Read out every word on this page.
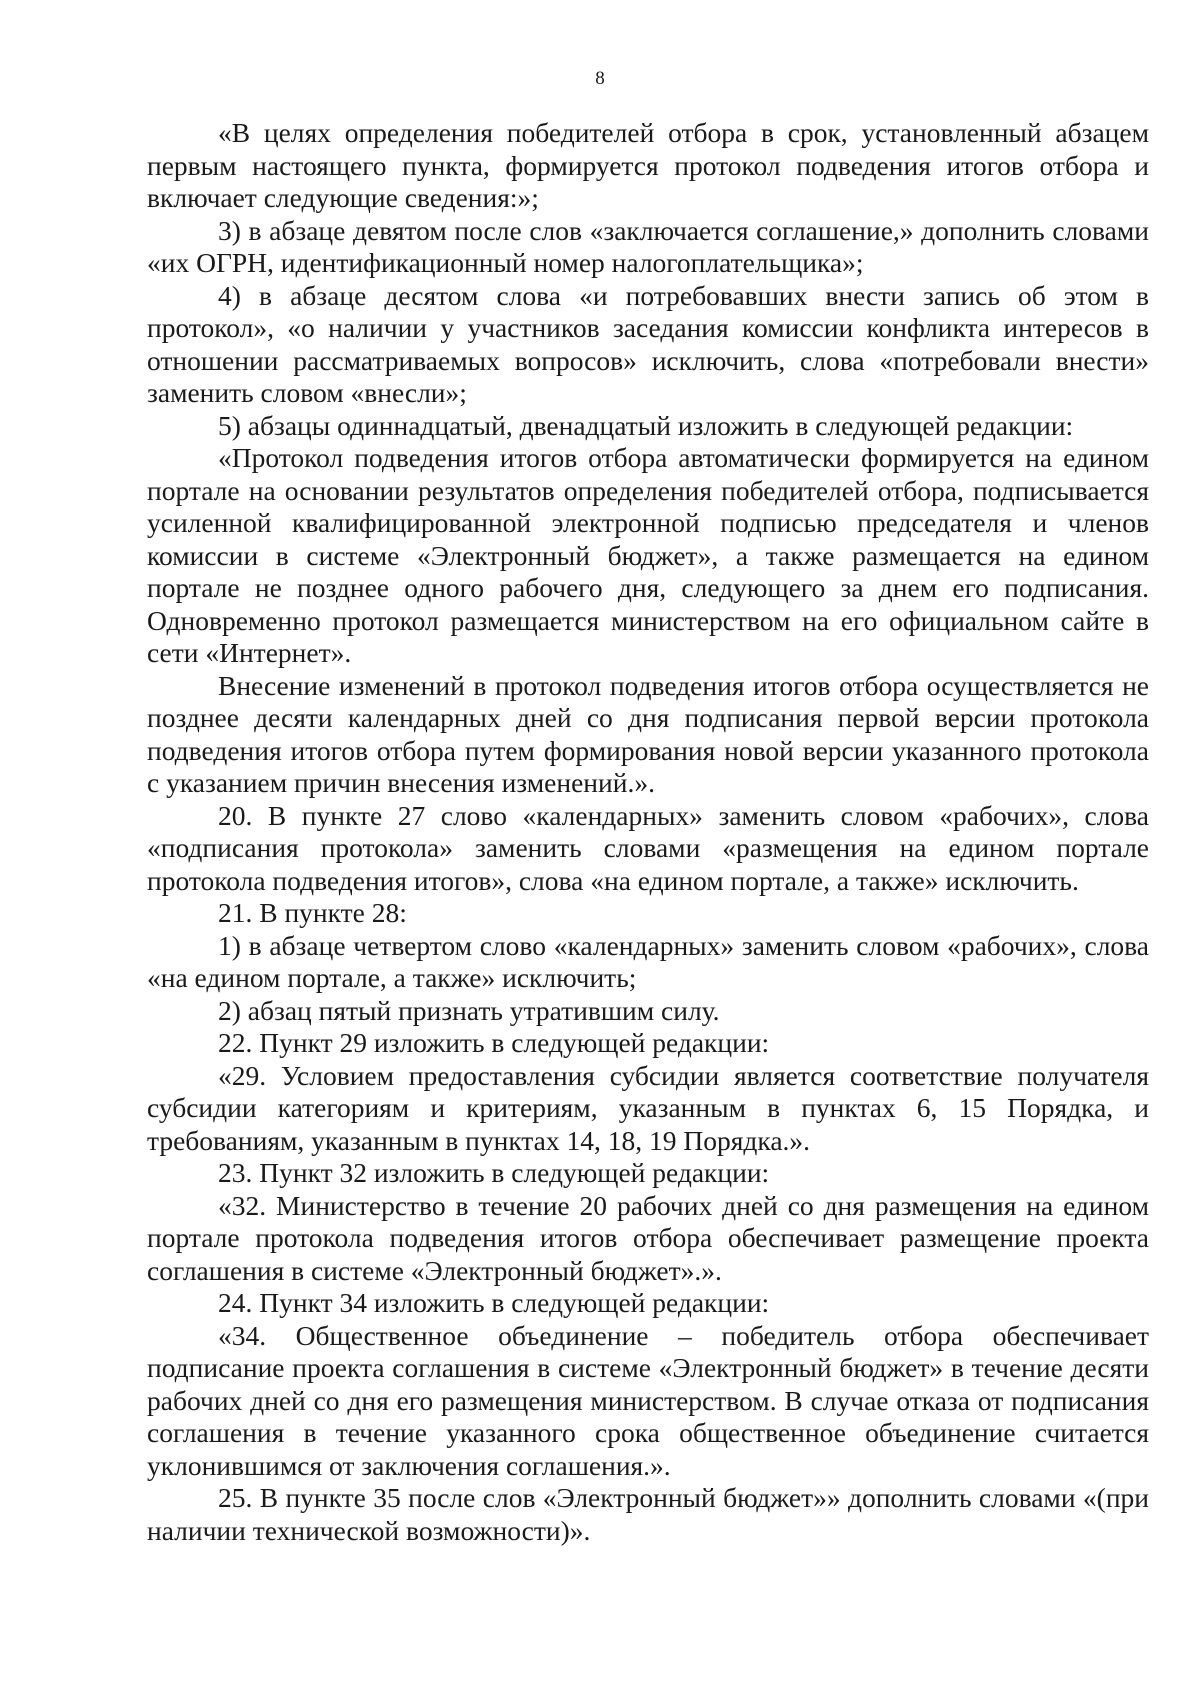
8

«В целях определения победителей отбора в срок, установленный абзацем первым настоящего пункта, формируется протокол подведения итогов отбора и включает следующие сведения:»;

3) в абзаце девятом после слов «заключается соглашение,» дополнить словами «их ОГРН, идентификационный номер налогоплательщика»;

4) в абзаце десятом слова «и потребовавших внести запись об этом в протокол», «о наличии у участников заседания комиссии конфликта интересов в отношении рассматриваемых вопросов» исключить, слова «потребовали внести» заменить словом «внесли»;

5) абзацы одиннадцатый, двенадцатый изложить в следующей редакции:

«Протокол подведения итогов отбора автоматически формируется на едином портале на основании результатов определения победителей отбора, подписывается усиленной квалифицированной электронной подписью председателя и членов комиссии в системе «Электронный бюджет», а также размещается на едином портале не позднее одного рабочего дня, следующего за днем его подписания. Одновременно протокол размещается министерством на его официальном сайте в сети «Интернет».

Внесение изменений в протокол подведения итогов отбора осуществляется не позднее десяти календарных дней со дня подписания первой версии протокола подведения итогов отбора путем формирования новой версии указанного протокола с указанием причин внесения изменений.».

20. В пункте 27 слово «календарных» заменить словом «рабочих», слова «подписания протокола» заменить словами «размещения на едином портале протокола подведения итогов», слова «на едином портале, а также» исключить.

21. В пункте 28:

1) в абзаце четвертом слово «календарных» заменить словом «рабочих», слова «на едином портале, а также» исключить;

2) абзац пятый признать утратившим силу.

22. Пункт 29 изложить в следующей редакции:

«29. Условием предоставления субсидии является соответствие получателя субсидии категориям и критериям, указанным в пунктах 6, 15 Порядка, и требованиям, указанным в пунктах 14, 18, 19 Порядка.».

23. Пункт 32 изложить в следующей редакции:

«32. Министерство в течение 20 рабочих дней со дня размещения на едином портале протокола подведения итогов отбора обеспечивает размещение проекта соглашения в системе «Электронный бюджет».».

24. Пункт 34 изложить в следующей редакции:

«34. Общественное объединение – победитель отбора обеспечивает подписание проекта соглашения в системе «Электронный бюджет» в течение десяти рабочих дней со дня его размещения министерством. В случае отказа от подписания соглашения в течение указанного срока общественное объединение считается уклонившимся от заключения соглашения.».

25. В пункте 35 после слов «Электронный бюджет»» дополнить словами «(при наличии технической возможности)».
